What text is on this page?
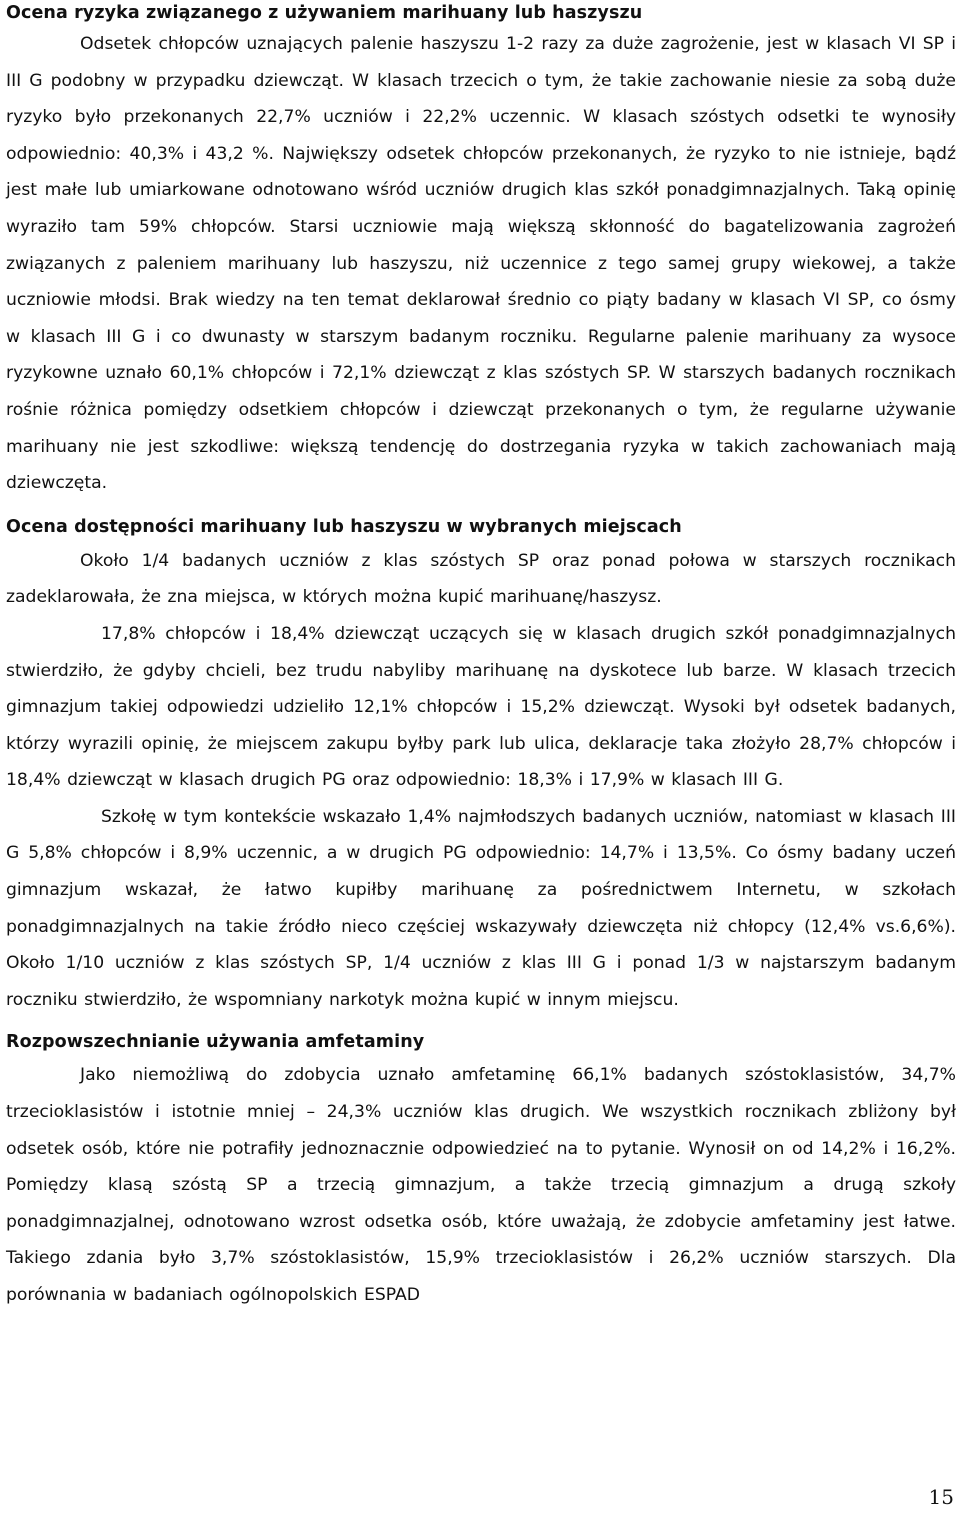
Ocena ryzyka związanego z używaniem marihuany lub haszyszu

Odsetek chłopców uznających palenie haszyszu 1-2 razy za duże zagrożenie, jest w klasach VI SP i III G podobny w przypadku dziewcząt. W klasach trzecich o tym, że takie zachowanie niesie za sobą duże ryzyko było przekonanych 22,7% uczniów i 22,2% uczennic. W klasach szóstych odsetki te wynosiły odpowiednio: 40,3% i 43,2 %. Największy odsetek chłopców przekonanych, że ryzyko to nie istnieje, bądź jest małe lub umiarkowane odnotowano wśród uczniów drugich klas szkół ponadgimnazjalnych. Taką opinię wyraziło tam 59% chłopców. Starsi uczniowie mają większą skłonność do bagatelizowania zagrożeń związanych z paleniem marihuany lub haszyszu, niż uczennice z tego samej grupy wiekowej, a także uczniowie młodsi. Brak wiedzy na ten temat deklarował średnio co piąty badany w klasach VI SP, co ósmy w klasach III G i co dwunasty w starszym badanym roczniku. Regularne palenie marihuany za wysoce ryzykowne uznało 60,1% chłopców i 72,1% dziewcząt z klas szóstych SP. W starszych badanych rocznikach rośnie różnica pomiędzy odsetkiem chłopców i dziewcząt przekonanych o tym, że regularne używanie marihuany nie jest szkodliwe: większą tendencję do dostrzegania ryzyka w takich zachowaniach mają dziewczęta.

Ocena dostępności marihuany lub haszyszu w wybranych miejscach

Około 1/4 badanych uczniów z klas szóstych SP oraz ponad połowa w starszych rocznikach zadeklarowała, że zna miejsca, w których można kupić marihuanę/haszysz.

17,8% chłopców i 18,4% dziewcząt uczących się w klasach drugich szkół ponadgimnazjalnych stwierdziło, że gdyby chcieli, bez trudu nabyliby marihuanę na dyskotece lub barze. W klasach trzecich gimnazjum takiej odpowiedzi udzieliło 12,1% chłopców i 15,2% dziewcząt. Wysoki był odsetek badanych, którzy wyrazili opinię, że miejscem zakupu byłby park lub ulica, deklaracje taka złożyło 28,7% chłopców i 18,4% dziewcząt w klasach drugich PG oraz odpowiednio: 18,3% i 17,9% w klasach III G.

Szkołę w tym kontekście wskazało 1,4% najmłodszych badanych uczniów, natomiast w klasach III G 5,8% chłopców i 8,9% uczennic, a w drugich PG odpowiednio: 14,7% i 13,5%. Co ósmy badany uczeń gimnazjum wskazał, że łatwo kupiłby marihuanę za pośrednictwem Internetu, w szkołach ponadgimnazjalnych na takie źródło nieco częściej wskazywały dziewczęta niż chłopcy (12,4% vs.6,6%). Około 1/10 uczniów z klas szóstych SP, 1/4 uczniów z klas III G i ponad 1/3 w najstarszym badanym roczniku stwierdziło, że wspomniany narkotyk można kupić w innym miejscu.

Rozpowszechnianie używania amfetaminy

Jako niemożliwą do zdobycia uznało amfetaminę 66,1% badanych szóstoklasistów, 34,7% trzecioklasistów i istotnie mniej – 24,3% uczniów klas drugich. We wszystkich rocznikach zbliżony był odsetek osób, które nie potrafiły jednoznacznie odpowiedzieć na to pytanie. Wynosił on od 14,2% i 16,2%. Pomiędzy klasą szóstą SP a trzecią gimnazjum, a także trzecią gimnazjum a drugą szkoły ponadgimnazjalnej, odnotowano wzrost odsetka osób, które uważają, że zdobycie amfetaminy jest łatwe. Takiego zdania było 3,7% szóstoklasistów, 15,9% trzecioklasistów i 26,2% uczniów starszych. Dla porównania w badaniach ogólnopolskich ESPAD

15
